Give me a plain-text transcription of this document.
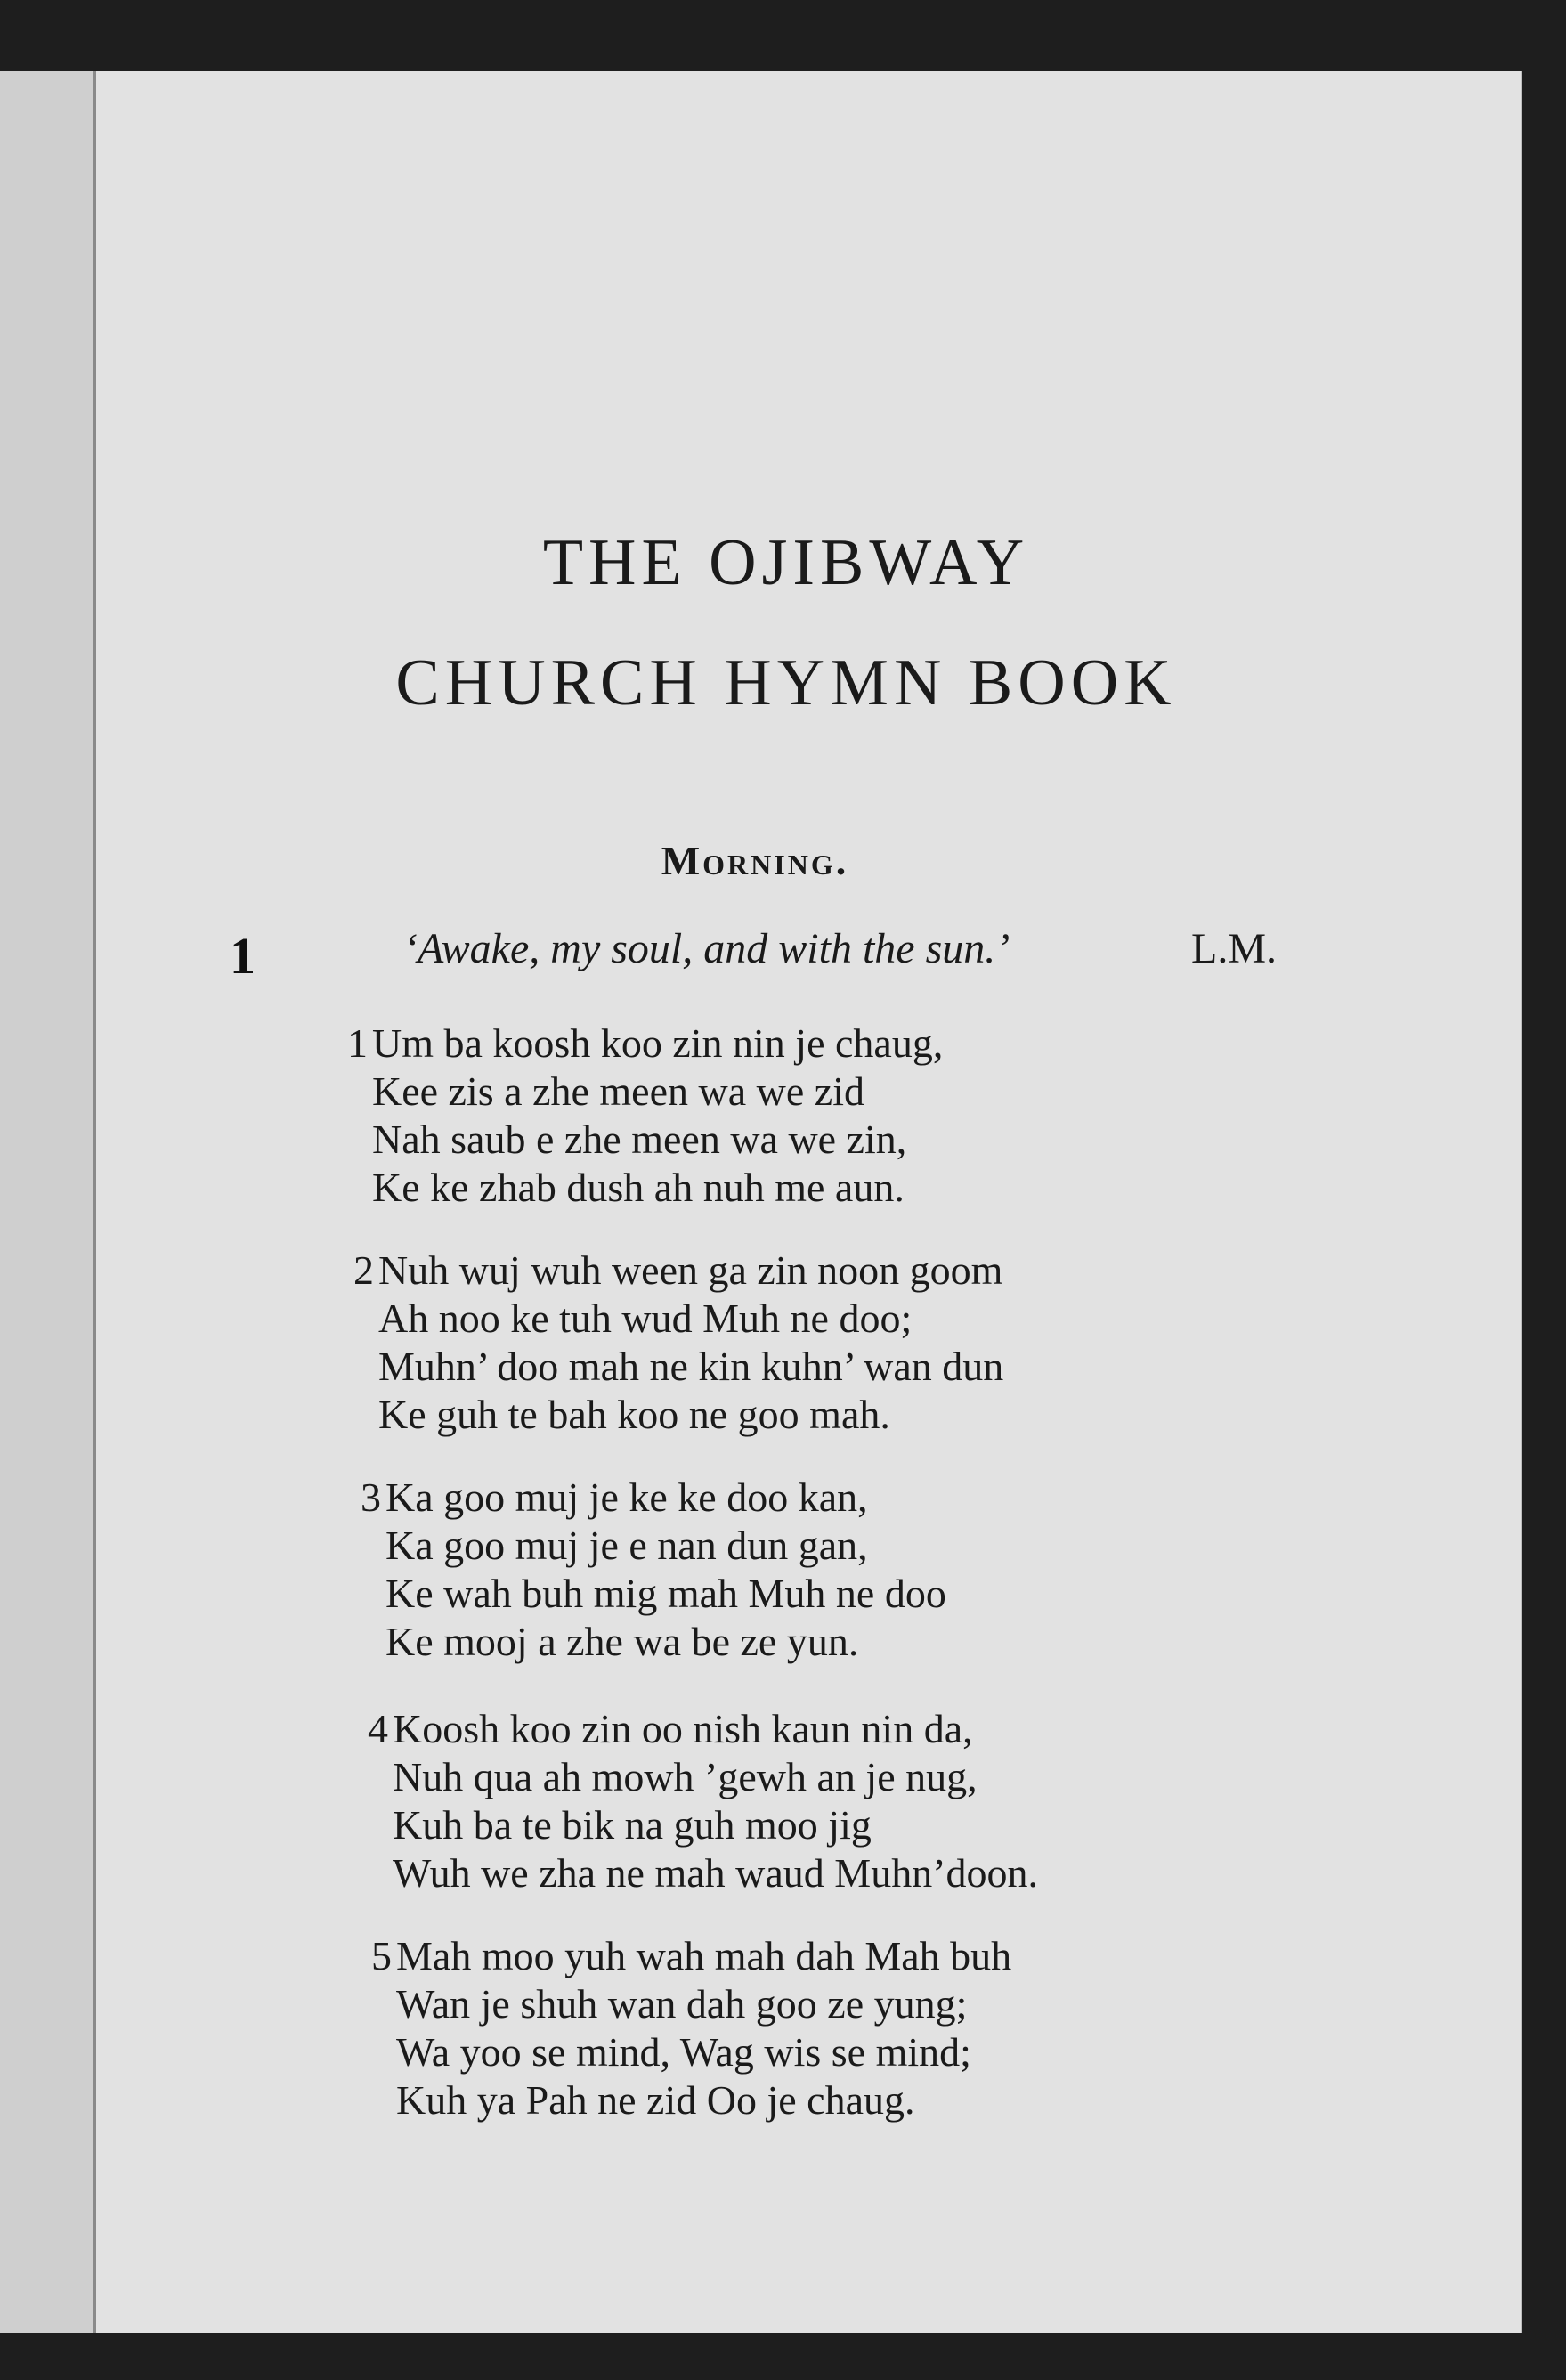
THE OJIBWAY
CHURCH HYMN BOOK
Morning.
1	‘Awake, my soul, and with the sun.’	L.M.
1 Um ba koosh koo zin nin je chaug,
Kee zis a zhe meen wa we zid
Nah saub e zhe meen wa we zin,
Ke ke zhab dush ah nuh me aun.
2 Nuh wuj wuh ween ga zin noon goom
Ah noo ke tuh wud Muh ne doo;
Muhn’ doo mah ne kin kuhn’ wan dun
Ke guh te bah koo ne goo mah.
3 Ka goo muj je ke ke doo kan,
Ka goo muj je e nan dun gan,
Ke wah buh mig mah Muh ne doo
Ke mooj a zhe wa be ze yun.
4 Koosh koo zin oo nish kaun nin da,
Nuh qua ah mowh ’gewh an je nug,
Kuh ba te bik na guh moo jig
Wuh we zha ne mah waud Muhn’doon.
5 Mah moo yuh wah mah dah Mah buh
Wan je shuh wan dah goo ze yung;
Wa yoo se mind, Wag wis se mind;
Kuh ya Pah ne zid Oo je chaug.
